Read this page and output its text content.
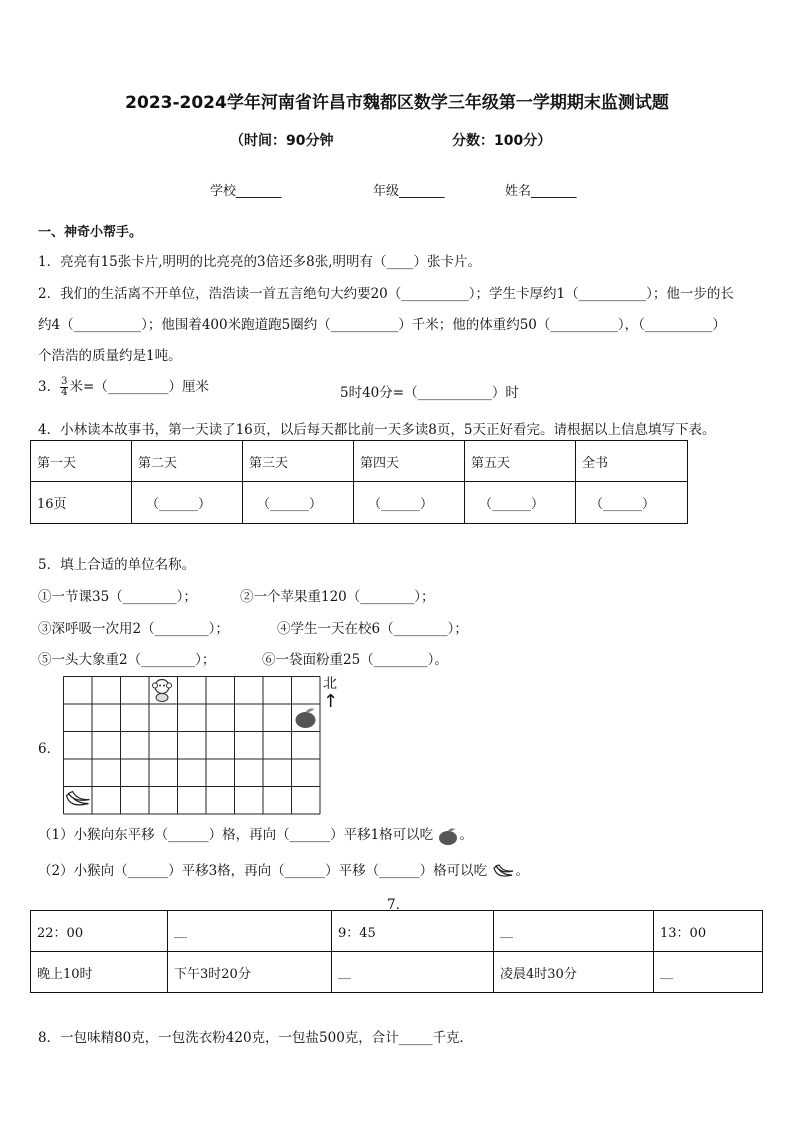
2023-2024学年河南省许昌市魏都区数学三年级第一学期期末监测试题
（时间：90分钟	分数：100分）
学校_______	年级_______	姓名_______
一、神奇小帮手。
1．亮亮有15张卡片,明明的比亮亮的3倍还多8张,明明有（____）张卡片。
2．我们的生活离不开单位，浩浩读一首五言绝句大约要20（__________）；学生卡厚约1（__________）；他一步的长
约4（__________）；他围着400米跑道跑5圈约（__________）千米；他的体重约50（__________），（__________）
个浩浩的质量约是1吨。
3． $\frac{3}{4}$ 米=（_________）厘米	5时40分=（___________）时
4．小林读本故事书，第一天读了16页，以后每天都比前一天多读8页，5天正好看完。请根据以上信息填写下表。
第一天	第二天	第三天	第四天	第五天	全书
16页	（______）	（______）	（______）	（______）	（______）
5．填上合适的单位名称。
①一节课35（________）；	②一个苹果重120（________）；
③深呼吸一次用2（________）；	④学生一天在校6（________）；
⑤一头大象重2（________）；	⑥一袋面粉重25（________）。
6．
北
↑
（1）小猴向东平移（______）格，再向（______）平移1格可以吃 。
（2）小猴向（______）平移3格，再向（______）平移（______）格可以吃 。
7．
22：00	__	9：45	__	13：00
晚上10时	下午3时20分	__	凌晨4时30分	__
8．一包味精80克，一包洗衣粉420克，一包盐500克，合计_____千克．
